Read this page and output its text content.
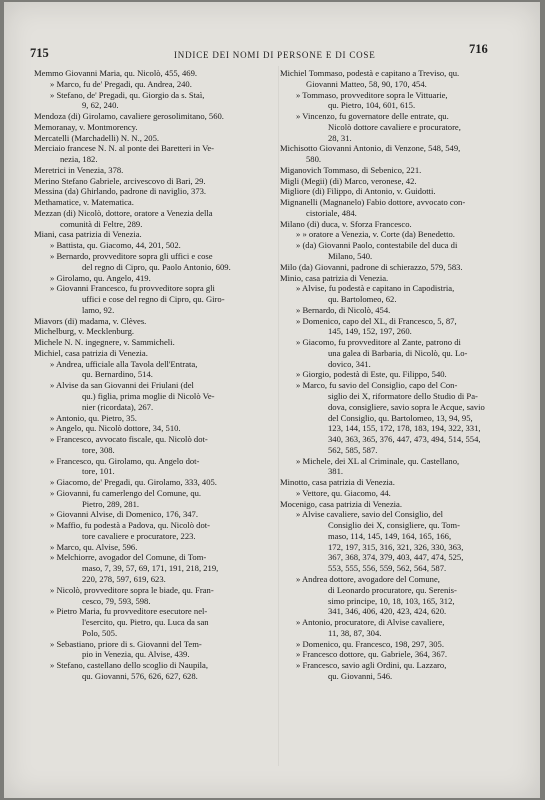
715	INDICE DEI NOMI DI PERSONE E DI COSE	716
Memmo Giovanni Maria, qu. Nicolò, 455, 469.
» Marco, fu de' Pregadi, qu. Andrea, 240.
» Stefano, de' Pregadi, qu. Giorgio da s. Staì,
9, 62, 240.
Mendoza (di) Girolamo, cavaliere gerosolimitano, 560.
Memoranay, v. Montmorency.
Mercatelli (Marchadelli) N. N., 205.
Merciaio francese N. N. al ponte dei Baretteri in Ve-
nezia, 182.
Meretrici in Venezia, 378.
Merino Stefano Gabriele, arcivescovo di Bari, 29.
Messina (da) Ghirlando, padrone di naviglio, 373.
Methamatice, v. Matematica.
Mezzan (di) Nicolò, dottore, oratore a Venezia della
comunità di Feltre, 289.
Miani, casa patrizia di Venezia.
» Battista, qu. Giacomo, 44, 201, 502.
» Bernardo, provveditore sopra gli uffici e cose
del regno di Cipro, qu. Paolo Antonio, 609.
» Girolamo, qu. Angelo, 419.
» Giovanni Francesco, fu provveditore sopra gli
uffici e cose del regno di Cipro, qu. Giro-
lamo, 92.
Miavors (di) madama, v. Clèves.
Michelburg, v. Mecklenburg.
Michele N. N. ingegnere, v. Sammicheli.
Michiel, casa patrizia di Venezia.
» Andrea, ufficiale alla Tavola dell'Entrata,
qu. Bernardino, 514.
» Alvise da san Giovanni dei Friulani (del
qu.) figlia, prima moglie di Nicolò Ve-
nier (ricordata), 267.
» Antonio, qu. Pietro, 35.
» Angelo, qu. Nicolò dottore, 34, 510.
» Francesco, avvocato fiscale, qu. Nicolò dot-
tore, 308.
» Francesco, qu. Girolamo, qu. Angelo dot-
tore, 101.
» Giacomo, de' Pregadi, qu. Girolamo, 333, 405.
» Giovanni, fu camerlengo del Comune, qu.
Pietro, 289, 281.
» Giovanni Alvise, di Domenico, 176, 347.
» Maffio, fu podestà a Padova, qu. Nicolò dot-
tore cavaliere e procuratore, 223.
» Marco, qu. Alvise, 596.
» Melchiorre, avogador del Comune, di Tom-
maso, 7, 39, 57, 69, 171, 191, 218, 219,
220, 278, 597, 619, 623.
» Nicolò, provveditore sopra le biade, qu. Fran-
cesco, 79, 593, 598.
» Pietro Maria, fu provveditore esecutore nel-
l'esercito, qu. Pietro, qu. Luca da san
Polo, 505.
» Sebastiano, priore di s. Giovanni del Tem-
pio in Venezia, qu. Alvise, 439.
» Stefano, castellano dello scoglio di Naupila,
qu. Giovanni, 576, 626, 627, 628.
Michiel Tommaso, podestà e capitano a Treviso, qu.
Giovanni Matteo, 58, 90, 170, 454.
» Tommaso, provveditore sopra le Vittuarie,
qu. Pietro, 104, 601, 615.
» Vincenzo, fu governatore delle entrate, qu.
Nicolò dottore cavaliere e procuratore,
28, 31.
Michisotto Giovanni Antonio, di Venzone, 548, 549,
580.
Miganovich Tommaso, di Sebenico, 221.
Migli (Megii) (di) Marco, veronese, 42.
Migliore (di) Filippo, di Antonio, v. Guidotti.
Mignanelli (Magnanelo) Fabio dottore, avvocato con-
cistoriale, 484.
Milano (di) duca, v. Sforza Francesco.
» » oratore a Venezia, v. Corte (da) Benedetto.
» (da) Giovanni Paolo, contestabile del duca di
Milano, 540.
Milo (da) Giovanni, padrone di schierazzo, 579, 583.
Minio, casa patrizia di Venezia.
» Alvise, fu podestà e capitano in Capodistria,
qu. Bartolomeo, 62.
» Bernardo, di Nicolò, 454.
» Domenico, capo del XL, di Francesco, 5, 87,
145, 149, 152, 197, 260.
» Giacomo, fu provveditore al Zante, patrono di
una galea di Barbaria, di Nicolò, qu. Lo-
dovico, 341.
» Giorgio, podestà di Este, qu. Filippo, 540.
» Marco, fu savio del Consiglio, capo del Con-
siglio dei X, riformatore dello Studio di Pa-
dova, consigliere, savio sopra le Acque, savio
del Consiglio, qu. Bartolomeo, 13, 94, 95,
123, 144, 155, 172, 178, 183, 194, 322, 331,
340, 363, 365, 376, 447, 473, 494, 514, 554,
562, 585, 587.
» Michele, dei XL al Criminale, qu. Castellano,
381.
Minotto, casa patrizia di Venezia.
» Vettore, qu. Giacomo, 44.
Mocenigo, casa patrizia di Venezia.
» Alvise cavaliere, savio del Consiglio, del
Consiglio dei X, consigliere, qu. Tom-
maso, 114, 145, 149, 164, 165, 166,
172, 197, 315, 316, 321, 326, 330, 363,
367, 368, 374, 379, 403, 447, 474, 525,
553, 555, 556, 559, 562, 564, 587.
» Andrea dottore, avogadore del Comune,
di Leonardo procuratore, qu. Serenis-
simo principe, 10, 18, 103, 165, 312,
341, 346, 406, 420, 423, 424, 620.
» Antonio, procuratore, di Alvise cavaliere,
11, 38, 87, 304.
» Domenico, qu. Francesco, 198, 297, 305.
» Francesco dottore, qu. Gabriele, 364, 367.
» Francesco, savio agli Ordini, qu. Lazzaro,
qu. Giovanni, 546.
